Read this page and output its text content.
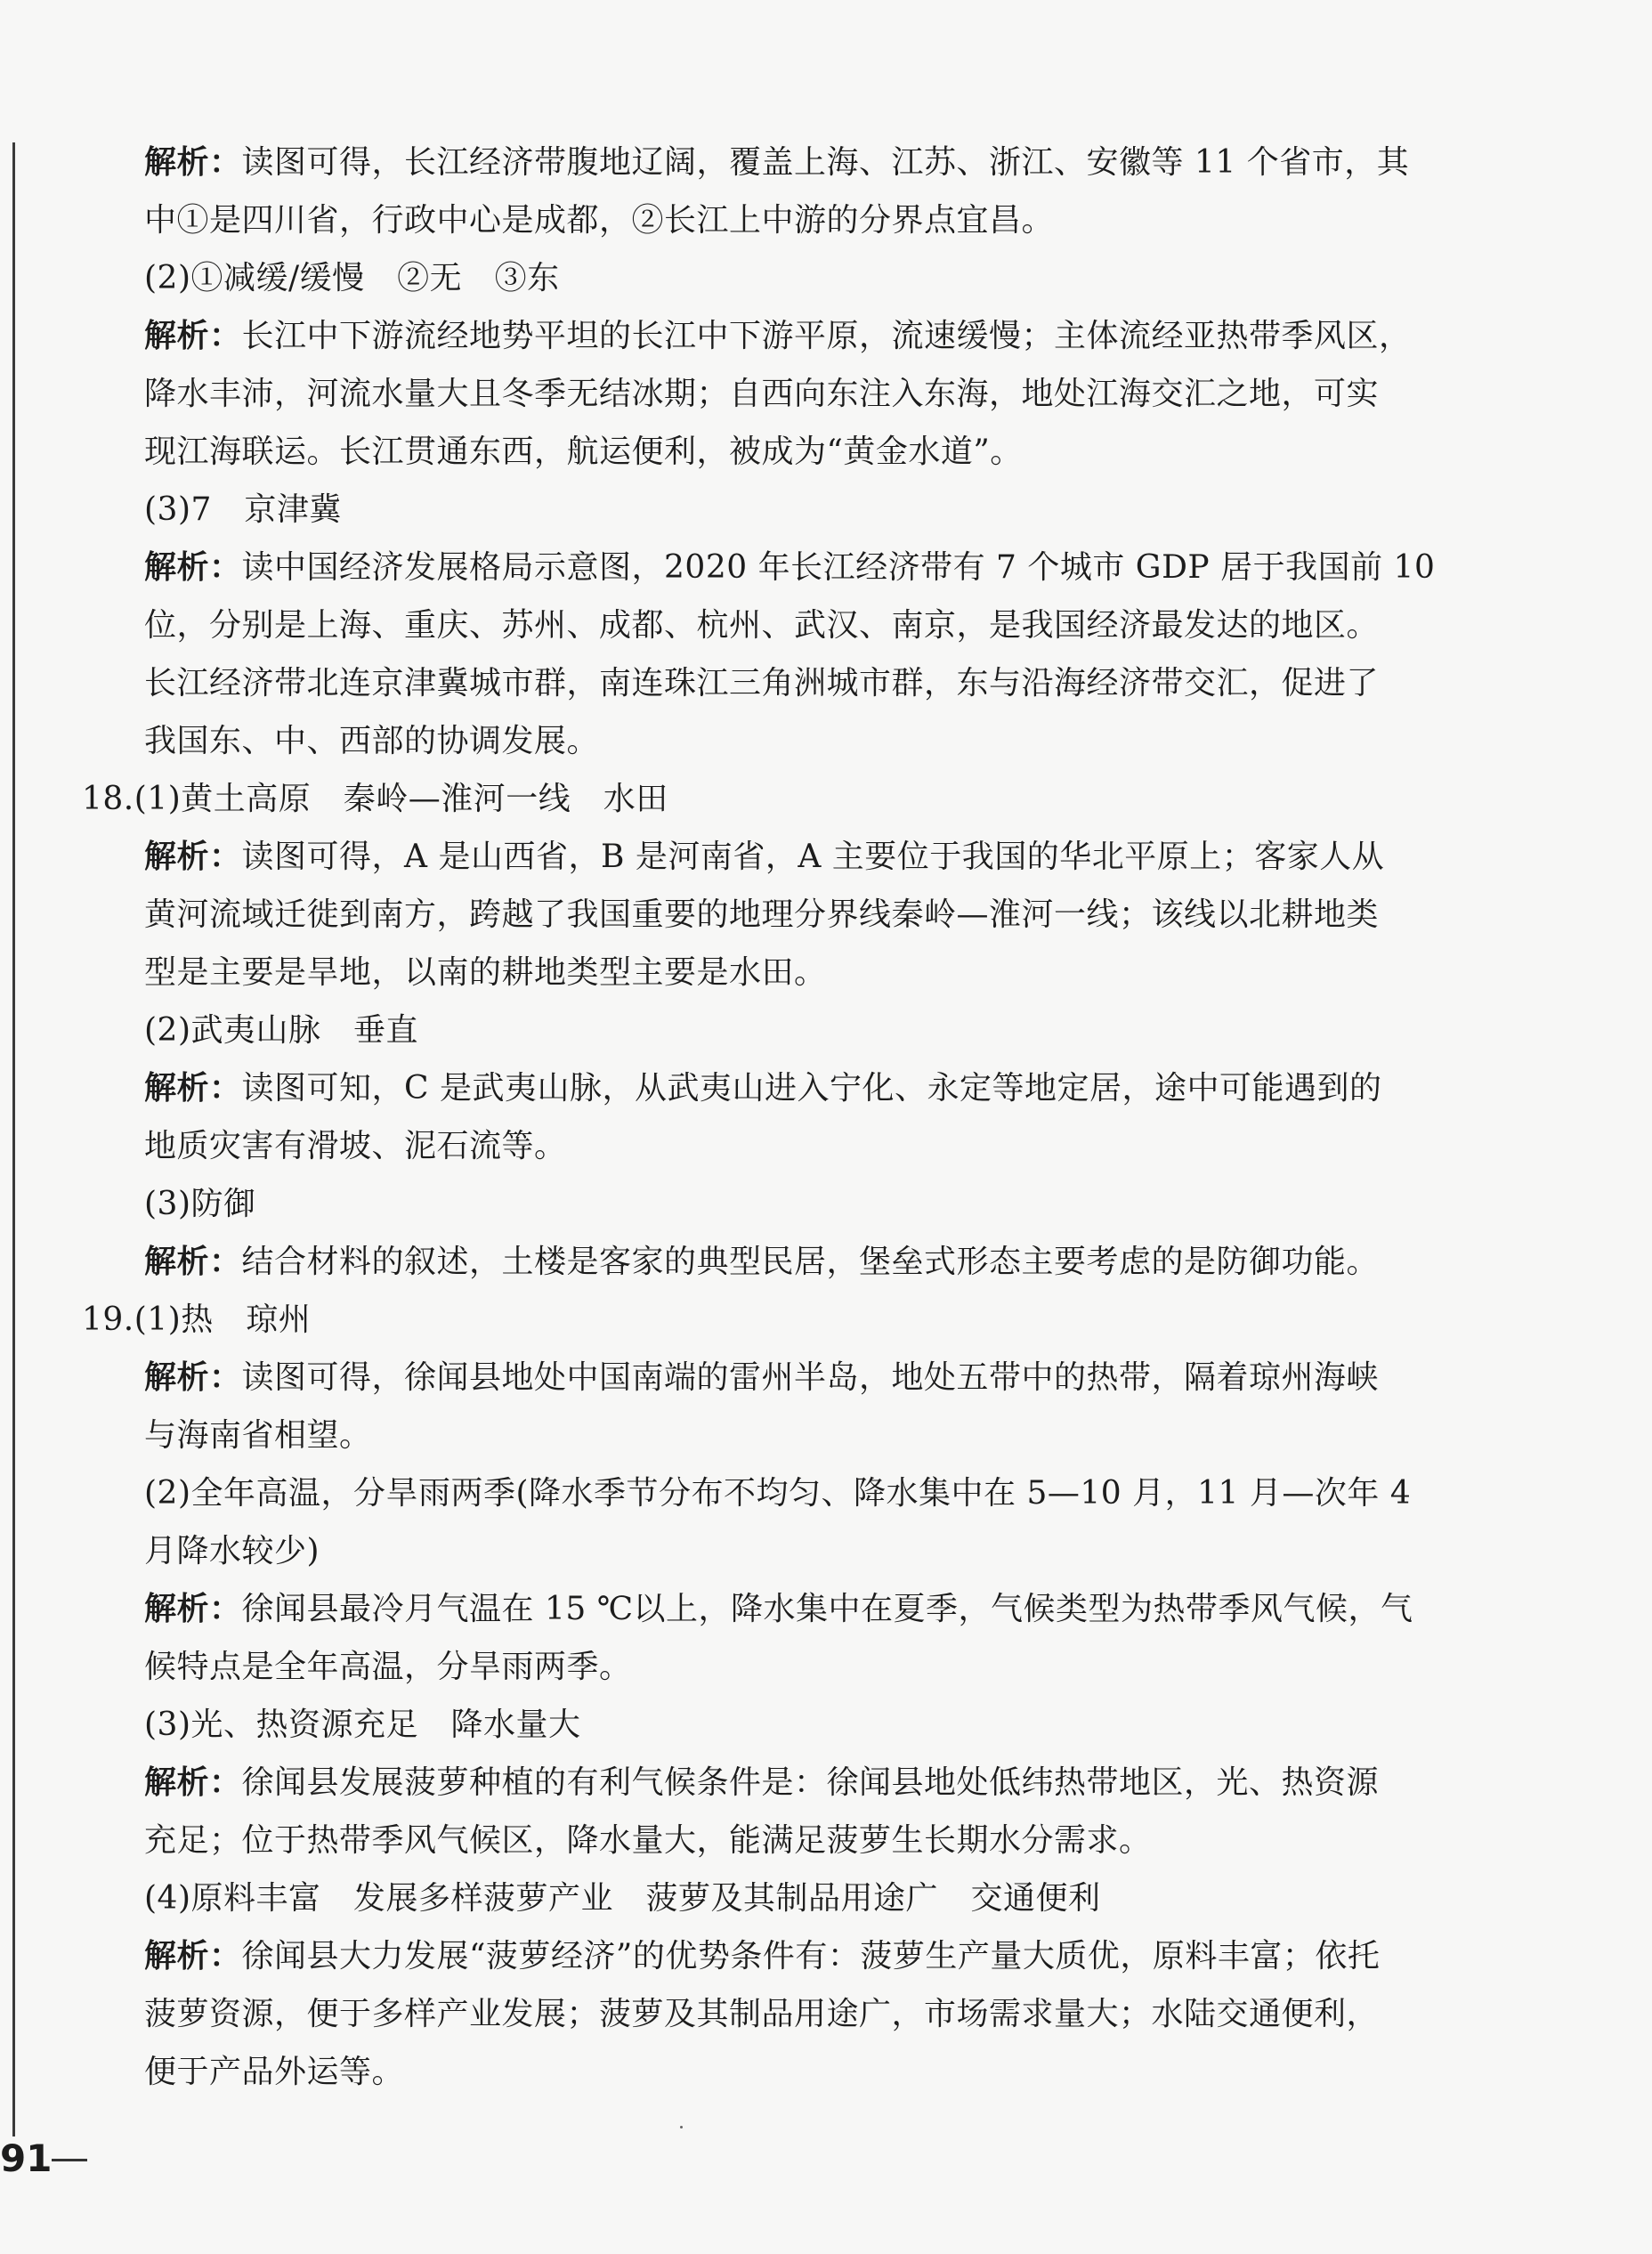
解析：读图可得，长江经济带腹地辽阔，覆盖上海、江苏、浙江、安徽等 11 个省市，其
中①是四川省，行政中心是成都，②长江上中游的分界点宜昌。
(2)①减缓/缓慢　②无　③东
解析：长江中下游流经地势平坦的长江中下游平原，流速缓慢；主体流经亚热带季风区，
降水丰沛，河流水量大且冬季无结冰期；自西向东注入东海，地处江海交汇之地，可实
现江海联运。长江贯通东西，航运便利，被成为“黄金水道”。
(3)7　京津冀
解析：读中国经济发展格局示意图，2020 年长江经济带有 7 个城市 GDP 居于我国前 10
位，分别是上海、重庆、苏州、成都、杭州、武汉、南京，是我国经济最发达的地区。
长江经济带北连京津冀城市群，南连珠江三角洲城市群，东与沿海经济带交汇，促进了
我国东、中、西部的协调发展。
18.(1)黄土高原　秦岭—淮河一线　水田
解析：读图可得，A 是山西省，B 是河南省，A 主要位于我国的华北平原上；客家人从
黄河流域迁徙到南方，跨越了我国重要的地理分界线秦岭—淮河一线；该线以北耕地类
型是主要是旱地，以南的耕地类型主要是水田。
(2)武夷山脉　垂直
解析：读图可知，C 是武夷山脉，从武夷山进入宁化、永定等地定居，途中可能遇到的
地质灾害有滑坡、泥石流等。
(3)防御
解析：结合材料的叙述，土楼是客家的典型民居，堡垒式形态主要考虑的是防御功能。
19.(1)热　琼州
解析：读图可得，徐闻县地处中国南端的雷州半岛，地处五带中的热带，隔着琼州海峡
与海南省相望。
(2)全年高温，分旱雨两季(降水季节分布不均匀、降水集中在 5—10 月，11 月—次年 4
月降水较少)
解析：徐闻县最冷月气温在 15 ℃以上，降水集中在夏季，气候类型为热带季风气候，气
候特点是全年高温，分旱雨两季。
(3)光、热资源充足　降水量大
解析：徐闻县发展菠萝种植的有利气候条件是：徐闻县地处低纬热带地区，光、热资源
充足；位于热带季风气候区，降水量大，能满足菠萝生长期水分需求。
(4)原料丰富　发展多样菠萝产业　菠萝及其制品用途广　交通便利
解析：徐闻县大力发展“菠萝经济”的优势条件有：菠萝生产量大质优，原料丰富；依托
菠萝资源，便于多样产业发展；菠萝及其制品用途广，市场需求量大；水陆交通便利，
便于产品外运等。
91
